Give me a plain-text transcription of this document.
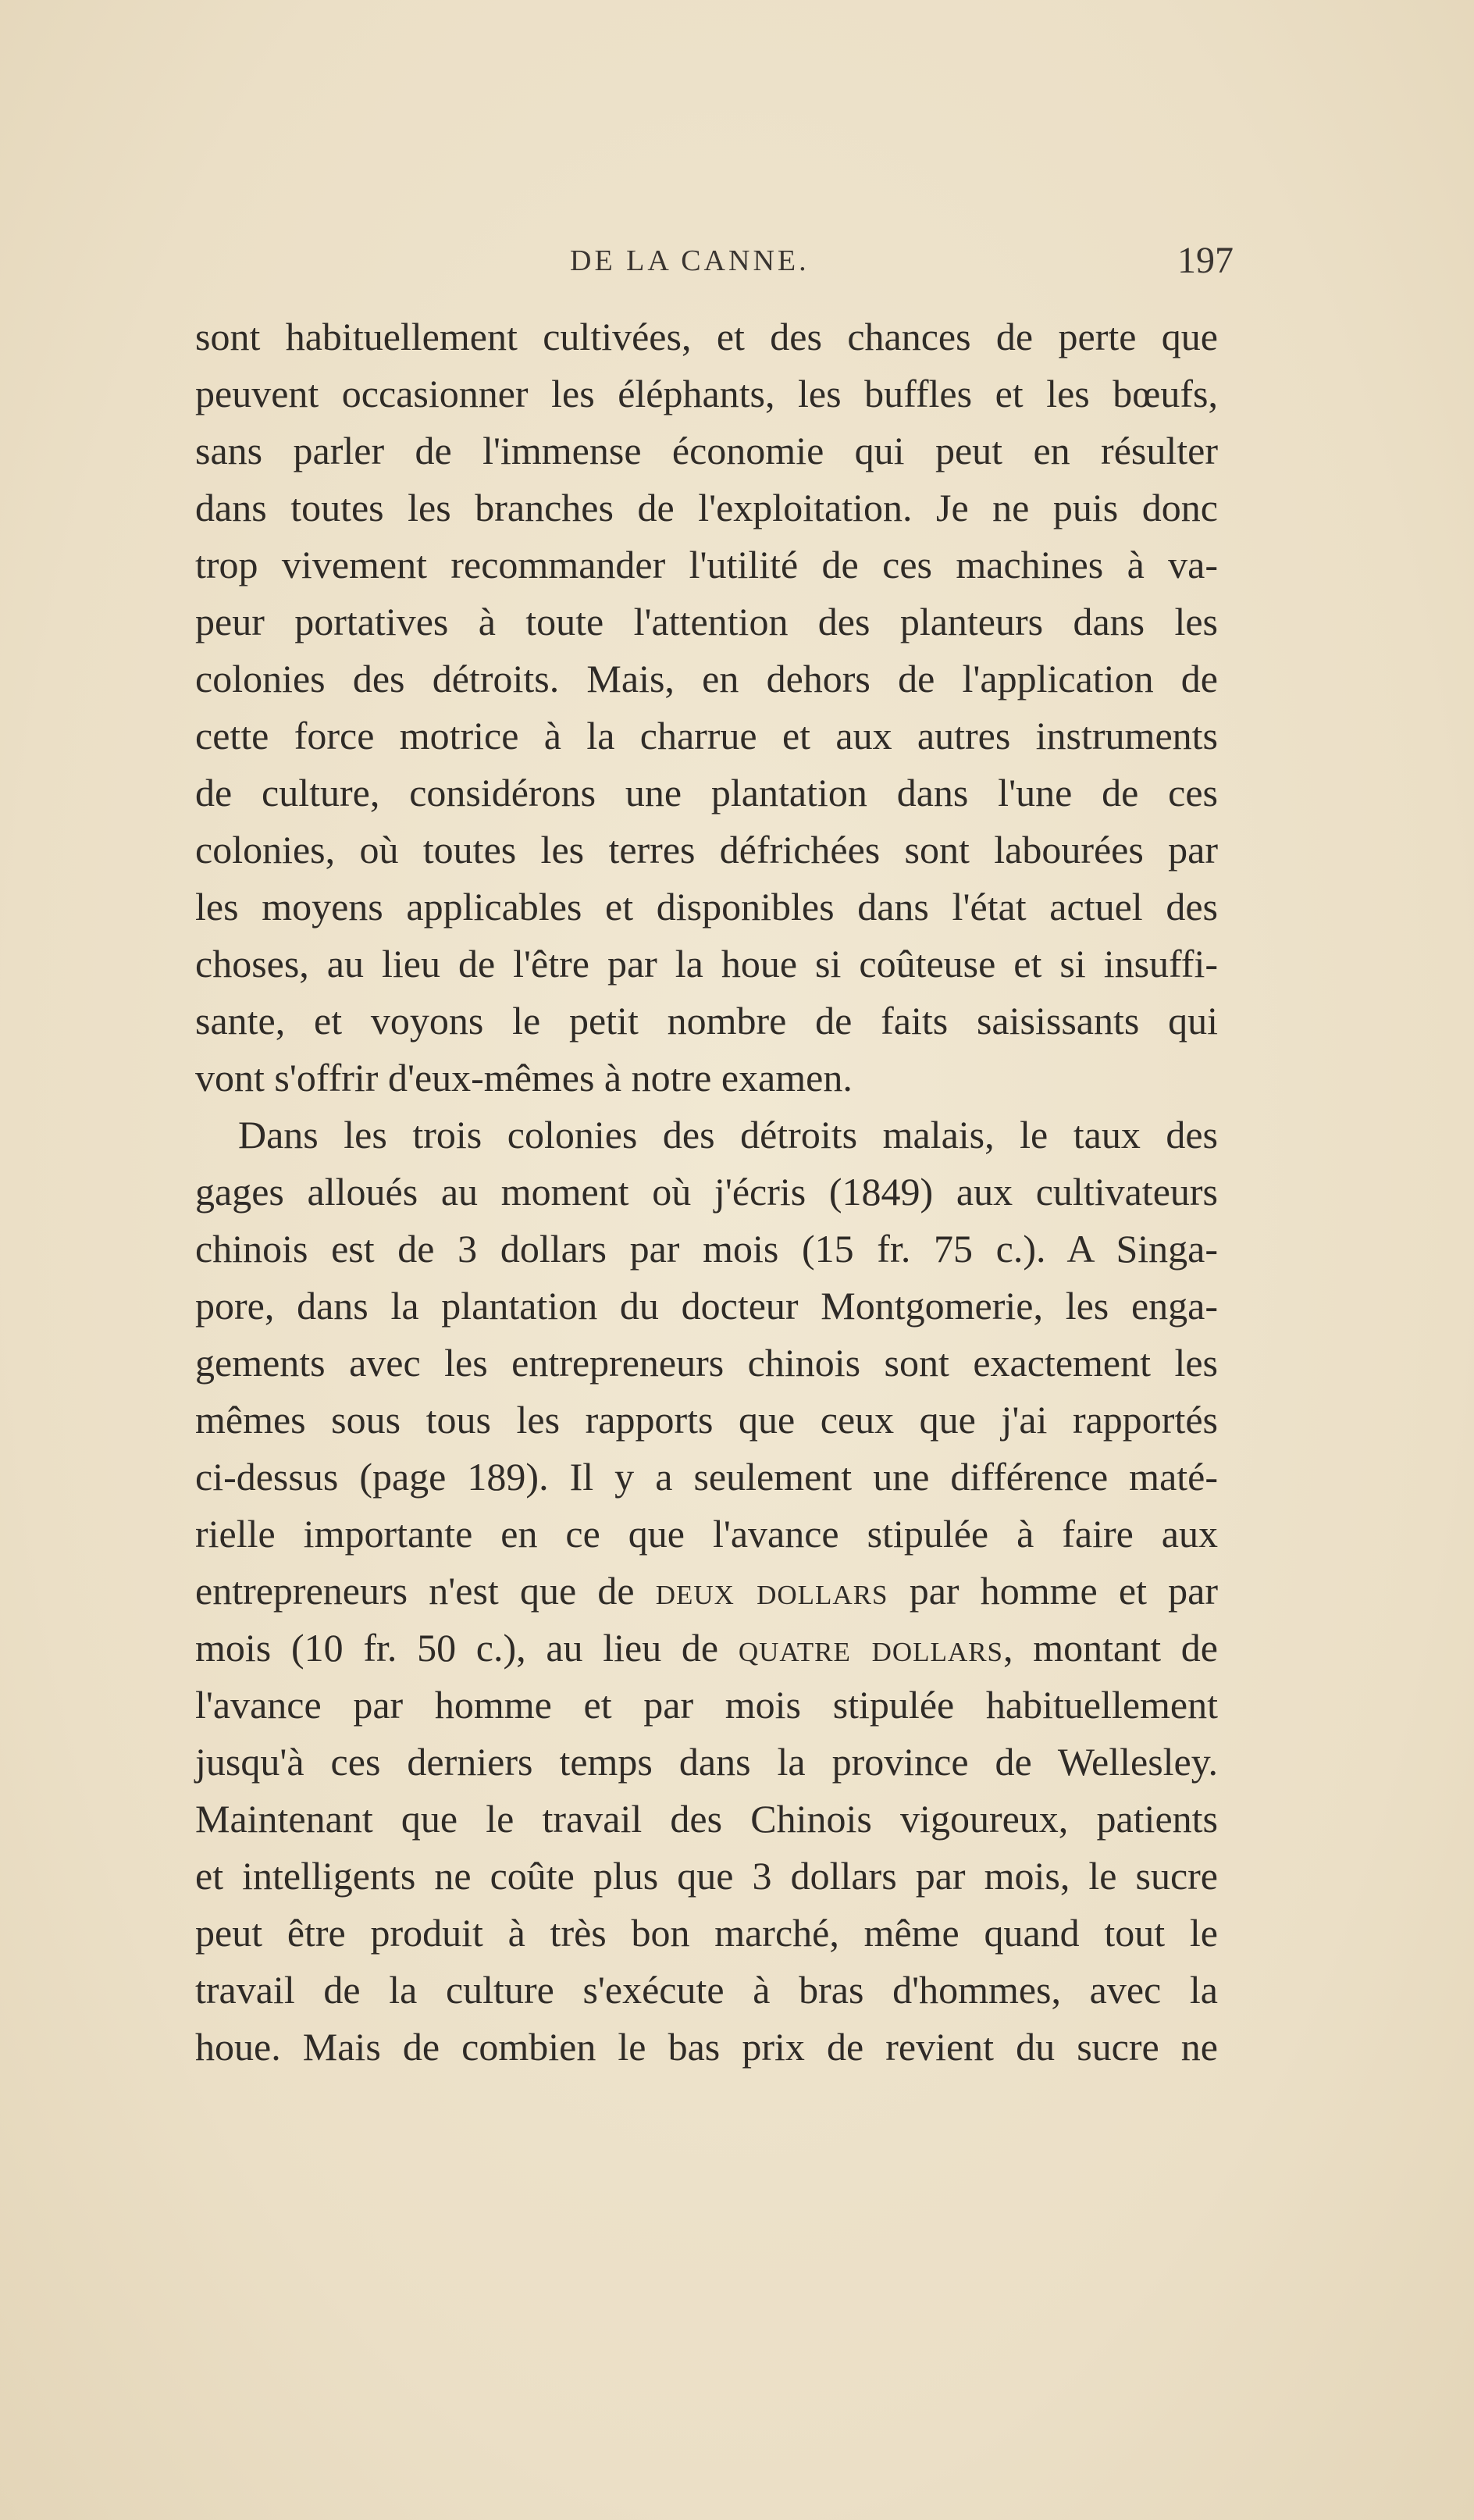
DE LA CANNE.	197
sont habituellement cultivées, et des chances de perte que
peuvent occasionner les éléphants, les buffles et les bœufs,
sans parler de l'immense économie qui peut en résulter
dans toutes les branches de l'exploitation. Je ne puis donc
trop vivement recommander l'utilité de ces machines à va-
peur portatives à toute l'attention des planteurs dans les
colonies des détroits. Mais, en dehors de l'application de
cette force motrice à la charrue et aux autres instruments
de culture, considérons une plantation dans l'une de ces
colonies, où toutes les terres défrichées sont labourées par
les moyens applicables et disponibles dans l'état actuel des
choses, au lieu de l'être par la houe si coûteuse et si insuffi-
sante, et voyons le petit nombre de faits saisissants qui
vont s'offrir d'eux-mêmes à notre examen.
Dans les trois colonies des détroits malais, le taux des
gages alloués au moment où j'écris (1849) aux cultivateurs
chinois est de 3 dollars par mois (15 fr. 75 c.). A Singa-
pore, dans la plantation du docteur Montgomerie, les enga-
gements avec les entrepreneurs chinois sont exactement les
mêmes sous tous les rapports que ceux que j'ai rapportés
ci-dessus (page 189). Il y a seulement une différence maté-
rielle importante en ce que l'avance stipulée à faire aux
entrepreneurs n'est que de deux dollars par homme et par
mois (10 fr. 50 c.), au lieu de quatre dollars, montant de
l'avance par homme et par mois stipulée habituellement
jusqu'à ces derniers temps dans la province de Wellesley.
Maintenant que le travail des Chinois vigoureux, patients
et intelligents ne coûte plus que 3 dollars par mois, le sucre
peut être produit à très bon marché, même quand tout le
travail de la culture s'exécute à bras d'hommes, avec la
houe. Mais de combien le bas prix de revient du sucre ne
